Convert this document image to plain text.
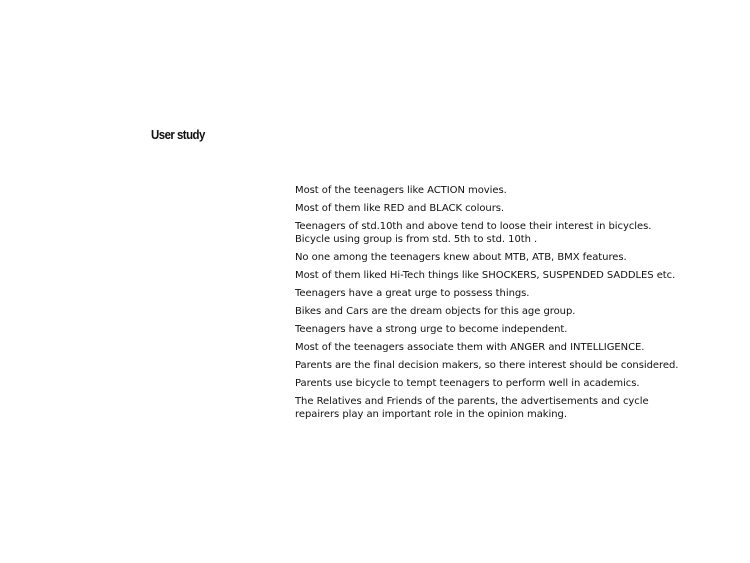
User study
Most of the teenagers like ACTION movies.
Most of them like RED and BLACK colours.
Teenagers of std.10th and above tend to loose their interest in bicycles. Bicycle using group is from std. 5th to std. 10th .
No one among the teenagers knew about MTB, ATB, BMX features.
Most of them liked Hi-Tech things like SHOCKERS, SUSPENDED SADDLES etc.
Teenagers have a great urge to possess things.
Bikes and Cars are the dream objects for this age group.
Teenagers have a strong urge to become independent.
Most of the teenagers associate them with ANGER and INTELLIGENCE.
Parents are the final decision makers, so there interest should be considered.
Parents use bicycle to tempt teenagers to perform well in academics.
The Relatives and Friends of the parents, the advertisements and cycle repairers play an important role in the opinion making.
